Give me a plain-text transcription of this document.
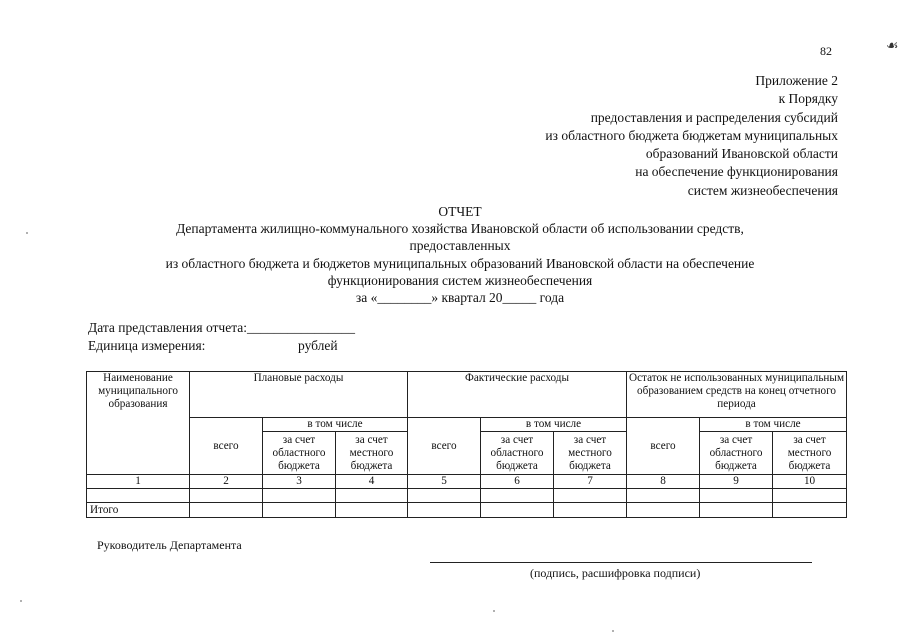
82	☙
Приложение 2
к Порядку
предоставления и распределения субсидий
из областного бюджета бюджетам муниципальных
образований Ивановской области
на обеспечение функционирования
систем жизнеобеспечения
ОТЧЕТ
Департамента жилищно-коммунального хозяйства Ивановской области об использовании средств,
предоставленных
из областного бюджета и бюджетов муниципальных образований Ивановской области на обеспечение
функционирования систем жизнеобеспечения
за «________» квартал 20_____ года
Дата представления отчета:________________
Единица измерения:	рублей
Наименование муниципального образования	Плановые расходы			Фактические расходы			Остаток не использованных муниципальным образованием средств на конец отчетного периода		
	всего	в том числе		всего	в том числе		всего	в том числе	
		за счет областного бюджета	за счет местного бюджета		за счет областного бюджета	за счет местного бюджета		за счет областного бюджета	за счет местного бюджета
1	2	3	4	5	6	7	8	9	10

Итого									
Руководитель Департамента
(подпись, расшифровка подписи)
